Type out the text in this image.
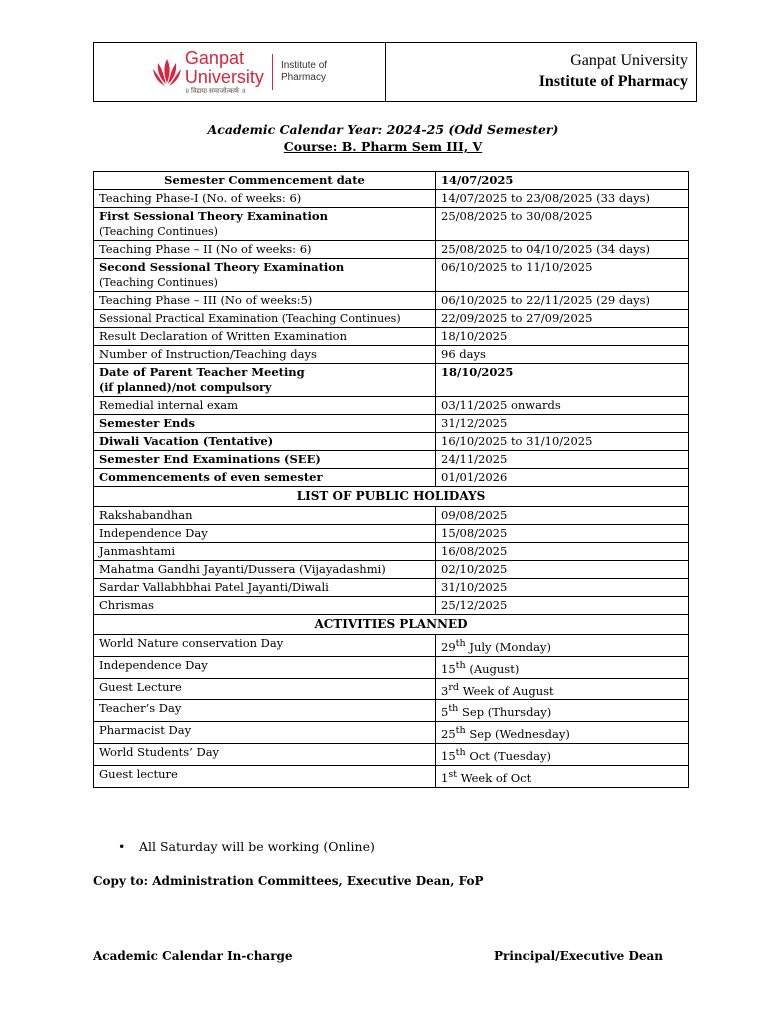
Ganpat
University
॥ विद्यया समाजोत्कर्षः ॥
Institute of
Pharmacy
Ganpat University
Institute of Pharmacy
Academic Calendar Year: 2024-25 (Odd Semester)
Course: B. Pharm Sem III, V
Semester Commencement date	14/07/2025
Teaching Phase-I (No. of weeks: 6)	14/07/2025 to 23/08/2025 (33 days)
First Sessional Theory Examination
(Teaching Continues)	25/08/2025 to 30/08/2025
Teaching Phase – II (No of weeks: 6)	25/08/2025 to 04/10/2025 (34 days)
Second Sessional Theory Examination
(Teaching Continues)	06/10/2025 to 11/10/2025
Teaching Phase – III (No of weeks:5)	06/10/2025 to 22/11/2025 (29 days)
Sessional Practical Examination (Teaching Continues)	22/09/2025 to 27/09/2025
Result Declaration of Written Examination	18/10/2025
Number of Instruction/Teaching days	96 days
Date of Parent Teacher Meeting
(if planned)/not compulsory	18/10/2025
Remedial internal exam	03/11/2025 onwards
Semester Ends	31/12/2025
Diwali Vacation (Tentative)	16/10/2025 to 31/10/2025
Semester End Examinations (SEE)	24/11/2025
Commencements of even semester	01/01/2026
LIST OF PUBLIC HOLIDAYS	
Rakshabandhan	09/08/2025
Independence Day	15/08/2025
Janmashtami	16/08/2025
Mahatma Gandhi Jayanti/Dussera (Vijayadashmi)	02/10/2025
Sardar Vallabhbhai Patel Jayanti/Diwali	31/10/2025
Chrismas	25/12/2025
ACTIVITIES PLANNED	
World Nature conservation Day	29th July (Monday)
Independence Day	15th (August)
Guest Lecture	3rd Week of August
Teacher’s Day	5th Sep (Thursday)
Pharmacist Day	25th Sep (Wednesday)
World Students’ Day	15th Oct (Tuesday)
Guest lecture	1st Week of Oct
• All Saturday will be working (Online)
Copy to: Administration Committees, Executive Dean, FoP
Academic Calendar In-charge	Principal/Executive Dean
